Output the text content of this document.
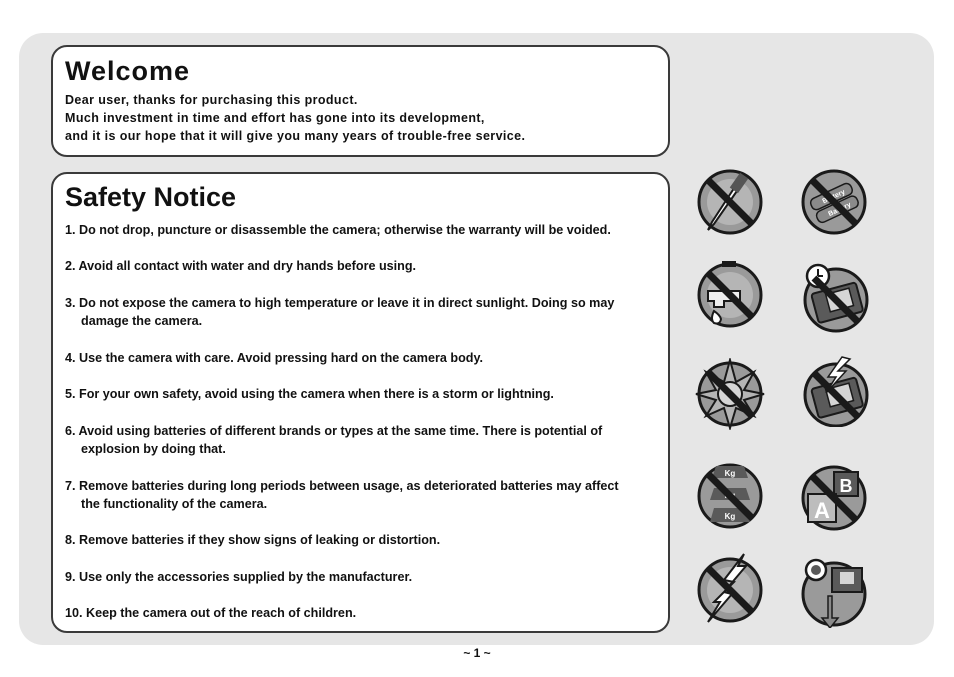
Welcome
Dear user, thanks for purchasing this product.
Much investment in time and effort has gone into its development,
and it is our hope that it will give you many years of trouble-free service.
Safety Notice
1. Do not drop, puncture or disassemble the camera; otherwise the warranty will be voided.
2. Avoid all contact with water and dry hands before using.
3. Do not expose the camera to high temperature or leave it in direct sunlight. Doing so may
damage the camera.
4. Use the camera with care. Avoid pressing hard on the camera body.
5. For your own safety, avoid using the camera when there is a storm or lightning.
6. Avoid using batteries of different brands or types at the same time. There is potential of
explosion by doing that.
7. Remove batteries during long periods between usage, as deteriorated batteries may affect
the functionality of the camera.
8. Remove batteries if they show signs of leaking or distortion.
9. Use only the accessories supplied by the manufacturer.
10. Keep the camera out of the reach of children.
Kg
Kg
B
A
~ 1 ~
